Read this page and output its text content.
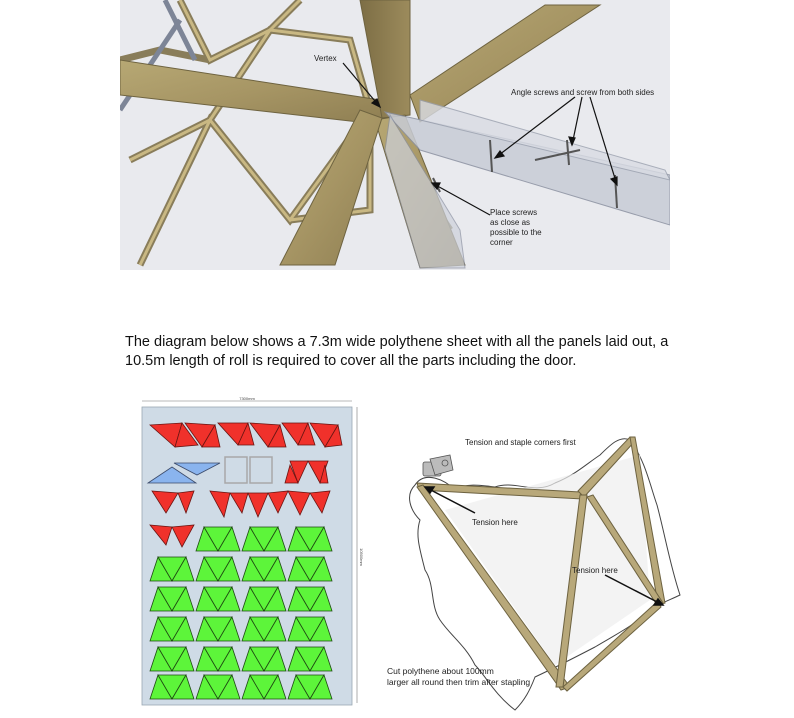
Vertex
Angle screws and screw from both sides
Place screws
as close as
possible to the
corner
The diagram below shows a 7.3m wide polythene sheet with all the panels laid out, a 10.5m length of roll is required to cover all the parts including the door.
7300mm
10500mm
Tension and staple corners first
Tension here
Tension here
Cut polythene about 100mm
larger all round then trim after stapling
